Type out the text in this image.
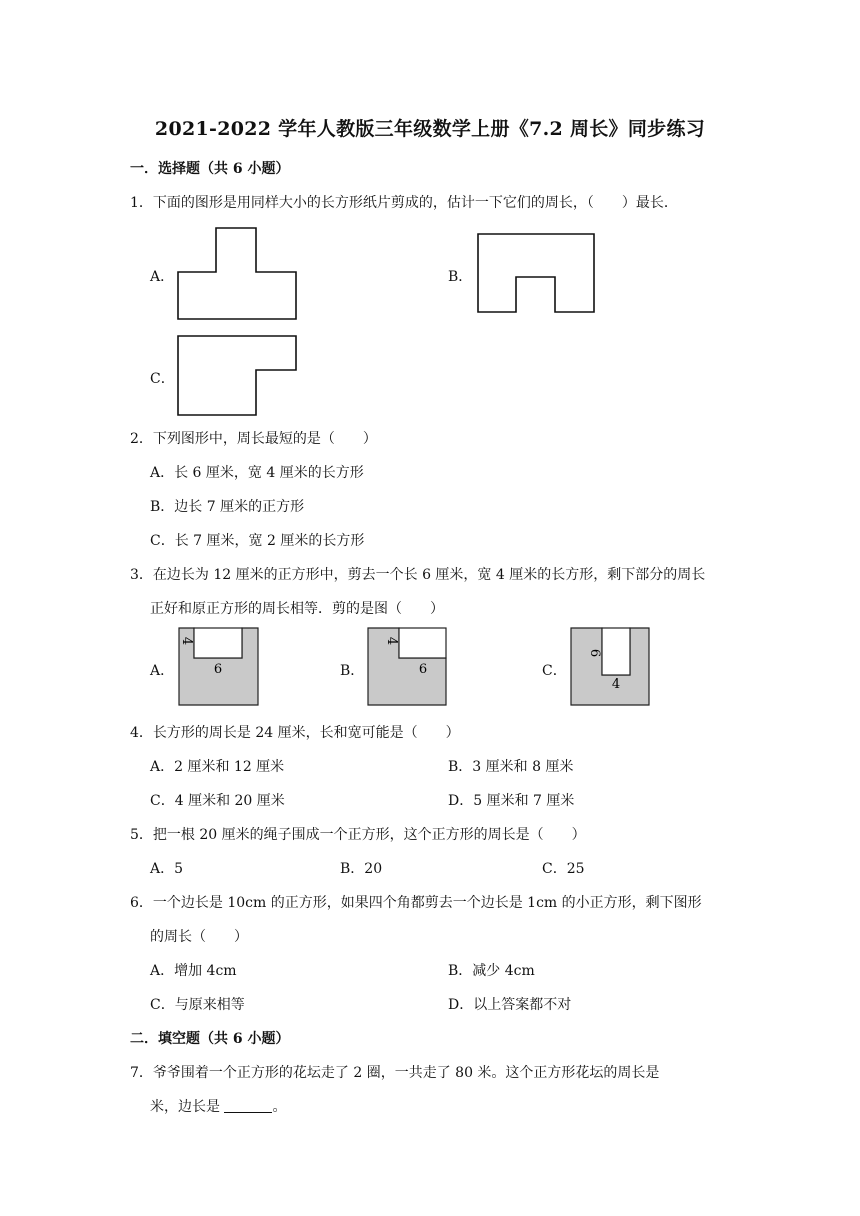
2021-2022 学年人教版三年级数学上册《7.2 周长》同步练习
一．选择题（共 6 小题）
1．下面的图形是用同样大小的长方形纸片剪成的，估计一下它们的周长，（　　）最长．
A．	B．
C．
2．下列图形中，周长最短的是（　　）
A．长 6 厘米，宽 4 厘米的长方形
B．边长 7 厘米的正方形
C．长 7 厘米，宽 2 厘米的长方形
3．在边长为 12 厘米的正方形中，剪去一个长 6 厘米，宽 4 厘米的长方形，剩下部分的周长
正好和原正方形的周长相等．剪的是图（　　）
A．
4
6	B．
4
6	C．
6
4
4．长方形的周长是 24 厘米，长和宽可能是（　　）
A．2 厘米和 12 厘米	B．3 厘米和 8 厘米
C．4 厘米和 20 厘米	D．5 厘米和 7 厘米
5．把一根 20 厘米的绳子围成一个正方形，这个正方形的周长是（　　）
A．5	B．20	C．25
6．一个边长是 10cm 的正方形，如果四个角都剪去一个边长是 1cm 的小正方形，剩下图形
的周长（　　）
A．增加 4cm	B．减少 4cm
C．与原来相等	D．以上答案都不对
二．填空题（共 6 小题）
7．爷爷围着一个正方形的花坛走了 2 圈，一共走了 80 米。这个正方形花坛的周长是
米，边长是	。
